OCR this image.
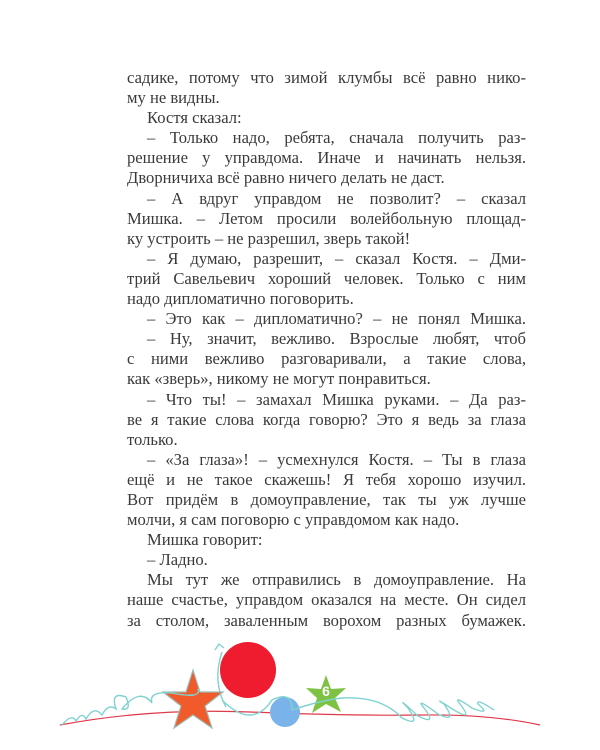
садике, потому что зимой клумбы всё равно нико-
му не видны.
Костя сказал:
– Только надо, ребята, сначала получить раз-
решение у управдома. Иначе и начинать нельзя.
Дворничиха всё равно ничего делать не даст.
– А вдруг управдом не позволит? – сказал
Мишка. – Летом просили волейбольную площад-
ку устроить – не разрешил, зверь такой!
– Я думаю, разрешит, – сказал Костя. – Дми-
трий Савельевич хороший человек. Только с ним
надо дипломатично поговорить.
– Это как – дипломатично? – не понял Мишка.
– Ну, значит, вежливо. Взрослые любят, чтоб
с ними вежливо разговаривали, а такие слова,
как «зверь», никому не могут понравиться.
– Что ты! – замахал Мишка руками. – Да раз-
ве я такие слова когда говорю? Это я ведь за глаза
только.
– «За глаза»! – усмехнулся Костя. – Ты в глаза
ещё и не такое скажешь! Я тебя хорошо изучил.
Вот придём в домоуправление, так ты уж лучше
молчи, я сам поговорю с управдомом как надо.
Мишка говорит:
– Ладно.
Мы тут же отправились в домоуправление. На
наше счастье, управдом оказался на месте. Он сидел
за столом, заваленным ворохом разных бумажек.
6
